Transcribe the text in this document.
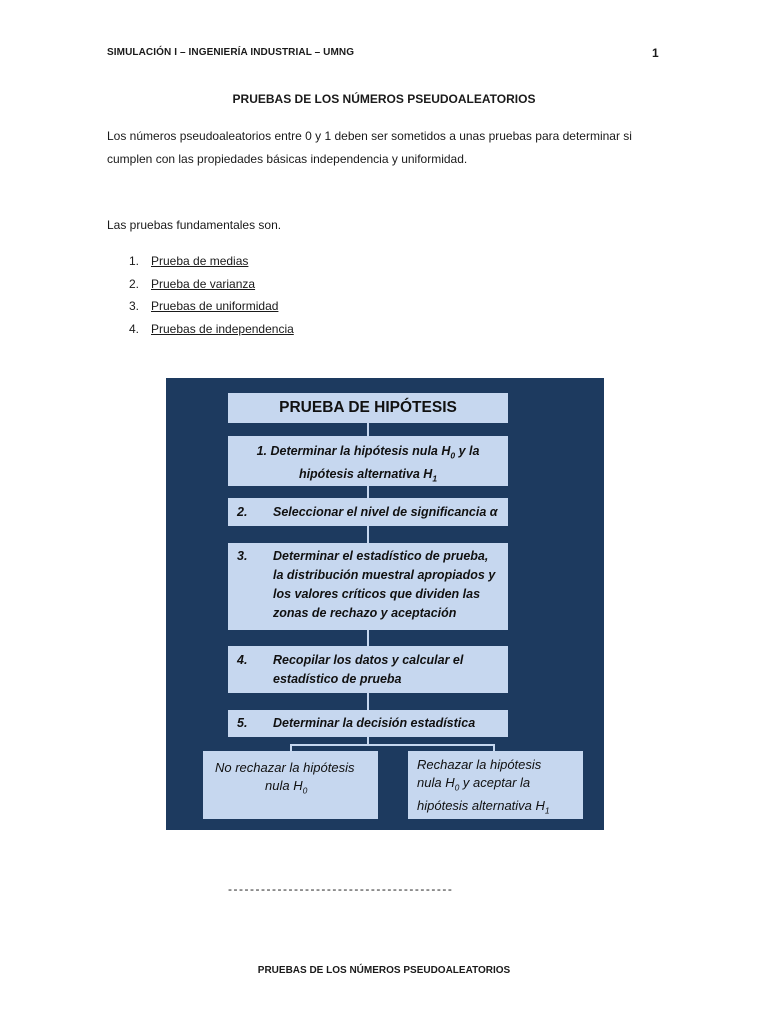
SIMULACIÓN I – INGENIERÍA INDUSTRIAL – UMNG	1
PRUEBAS DE LOS NÚMEROS PSEUDOALEATORIOS
Los números pseudoaleatorios entre 0 y 1 deben ser sometidos a unas pruebas para determinar si cumplen con las propiedades básicas independencia y uniformidad.
Las pruebas fundamentales son.
1. Prueba de medias
2. Prueba de varianza
3. Pruebas de uniformidad
4. Pruebas de independencia
PRUEBA DE HIPÓTESIS
1. Determinar la hipótesis nula $H_0$ y la
hipótesis alternativa $H_1$
2. Seleccionar el nivel de significancia α
3. Determinar el estadístico de prueba, la distribución muestral apropiados y los valores críticos que dividen las zonas de rechazo y aceptación
4. Recopilar los datos y calcular el estadístico de prueba
5. Determinar la decisión estadística
No rechazar la hipótesis
nula $H_0$
Rechazar la hipótesis
nula $H_0$ y aceptar la
hipótesis alternativa $H_1$
-----------------------------------------
PRUEBAS DE LOS NÚMEROS PSEUDOALEATORIOS
